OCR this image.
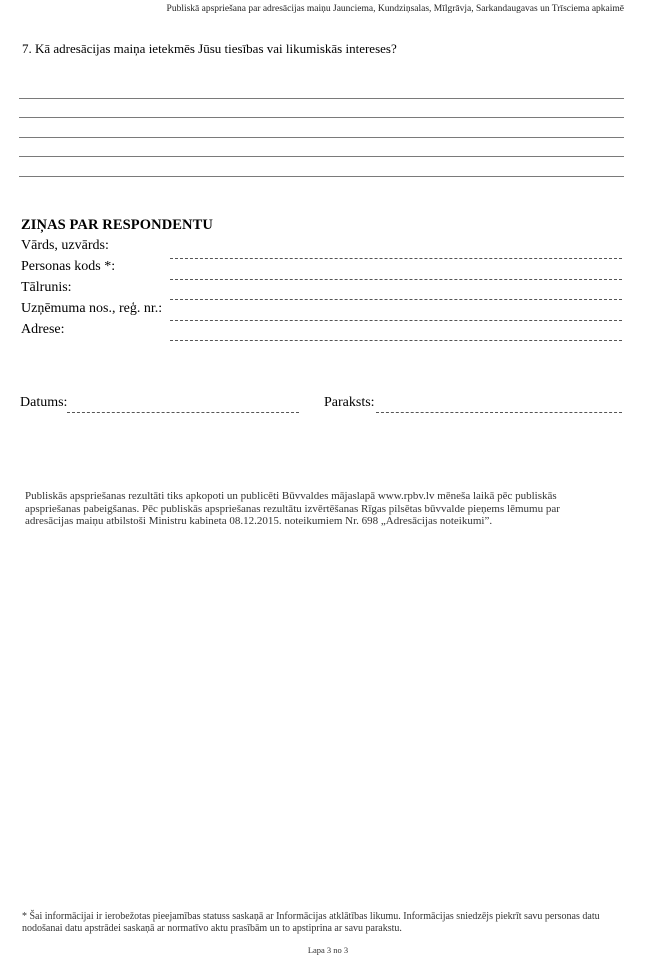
Publiskā apspriešana par adresācijas maiņu Jaunciema, Kundziņsalas, Mīlgrāvja, Sarkandaugavas un Trīsciema apkaimē
7. Kā adresācijas maiņa ietekmēs Jūsu tiesības vai likumiskās intereses?
ZIŅAS PAR RESPONDENTU
Vārds, uzvārds:
Personas kods *:
Tālrunis:
Uzņēmuma nos., reģ. nr.:
Adrese:
Datums:	Paraksts:
Publiskās apspriešanas rezultāti tiks apkopoti un publicēti Būvvaldes mājaslapā www.rpbv.lv mēneša laikā pēc publiskās apspriešanas pabeigšanas. Pēc publiskās apspriešanas rezultātu izvērtēšanas Rīgas pilsētas būvvalde pieņems lēmumu par adresācijas maiņu atbilstoši Ministru kabineta 08.12.2015. noteikumiem Nr. 698 „Adresācijas noteikumi”.
* Šai informācijai ir ierobežotas pieejamības statuss saskaņā ar Informācijas atklātības likumu. Informācijas sniedzējs piekrīt savu personas datu nodošanai datu apstrādei saskaņā ar normatīvo aktu prasībām un to apstiprina ar savu parakstu.
Lapa 3 no 3
